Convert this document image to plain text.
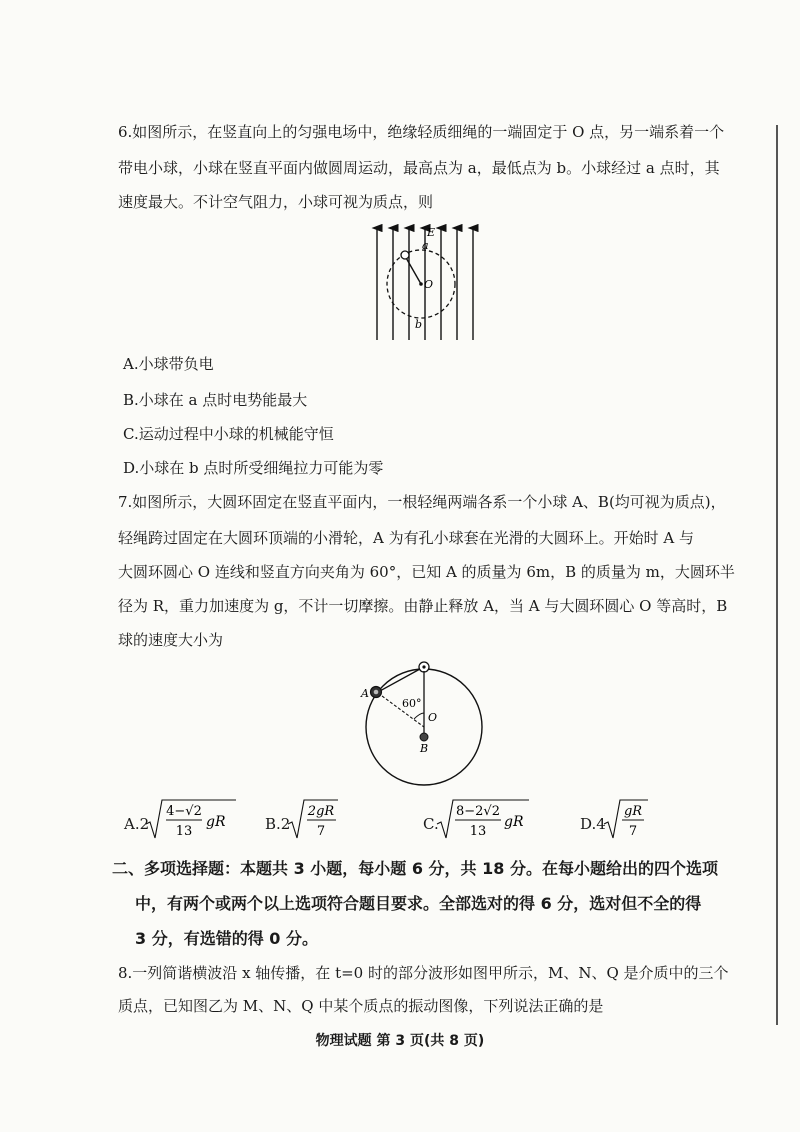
6.如图所示，在竖直向上的匀强电场中，绝缘轻质细绳的一端固定于 O 点，另一端系着一个
带电小球，小球在竖直平面内做圆周运动，最高点为 a，最低点为 b。小球经过 a 点时，其
速度最大。不计空气阻力，小球可视为质点，则
E
a
O
b
A.小球带负电
B.小球在 a 点时电势能最大
C.运动过程中小球的机械能守恒
D.小球在 b 点时所受细绳拉力可能为零
7.如图所示，大圆环固定在竖直平面内，一根轻绳两端各系一个小球 A、B(均可视为质点)，
轻绳跨过固定在大圆环顶端的小滑轮，A 为有孔小球套在光滑的大圆环上。开始时 A 与
大圆环圆心 O 连线和竖直方向夹角为 60°，已知 A 的质量为 6m，B 的质量为 m，大圆环半
径为 R，重力加速度为 g，不计一切摩擦。由静止释放 A，当 A 与大圆环圆心 O 等高时，B
球的速度大小为
A
60°
O
B
A.2
4−√2
13
gR	B.2
2gR
7	C.
8−2√2
13
gR	D.4
gR
7
二、多项选择题：本题共 3 小题，每小题 6 分，共 18 分。在每小题给出的四个选项
中，有两个或两个以上选项符合题目要求。全部选对的得 6 分，选对但不全的得
3 分，有选错的得 0 分。
8.一列简谐横波沿 x 轴传播，在 t=0 时的部分波形如图甲所示，M、N、Q 是介质中的三个
质点，已知图乙为 M、N、Q 中某个质点的振动图像，下列说法正确的是
物理试题 第 3 页(共 8 页)
